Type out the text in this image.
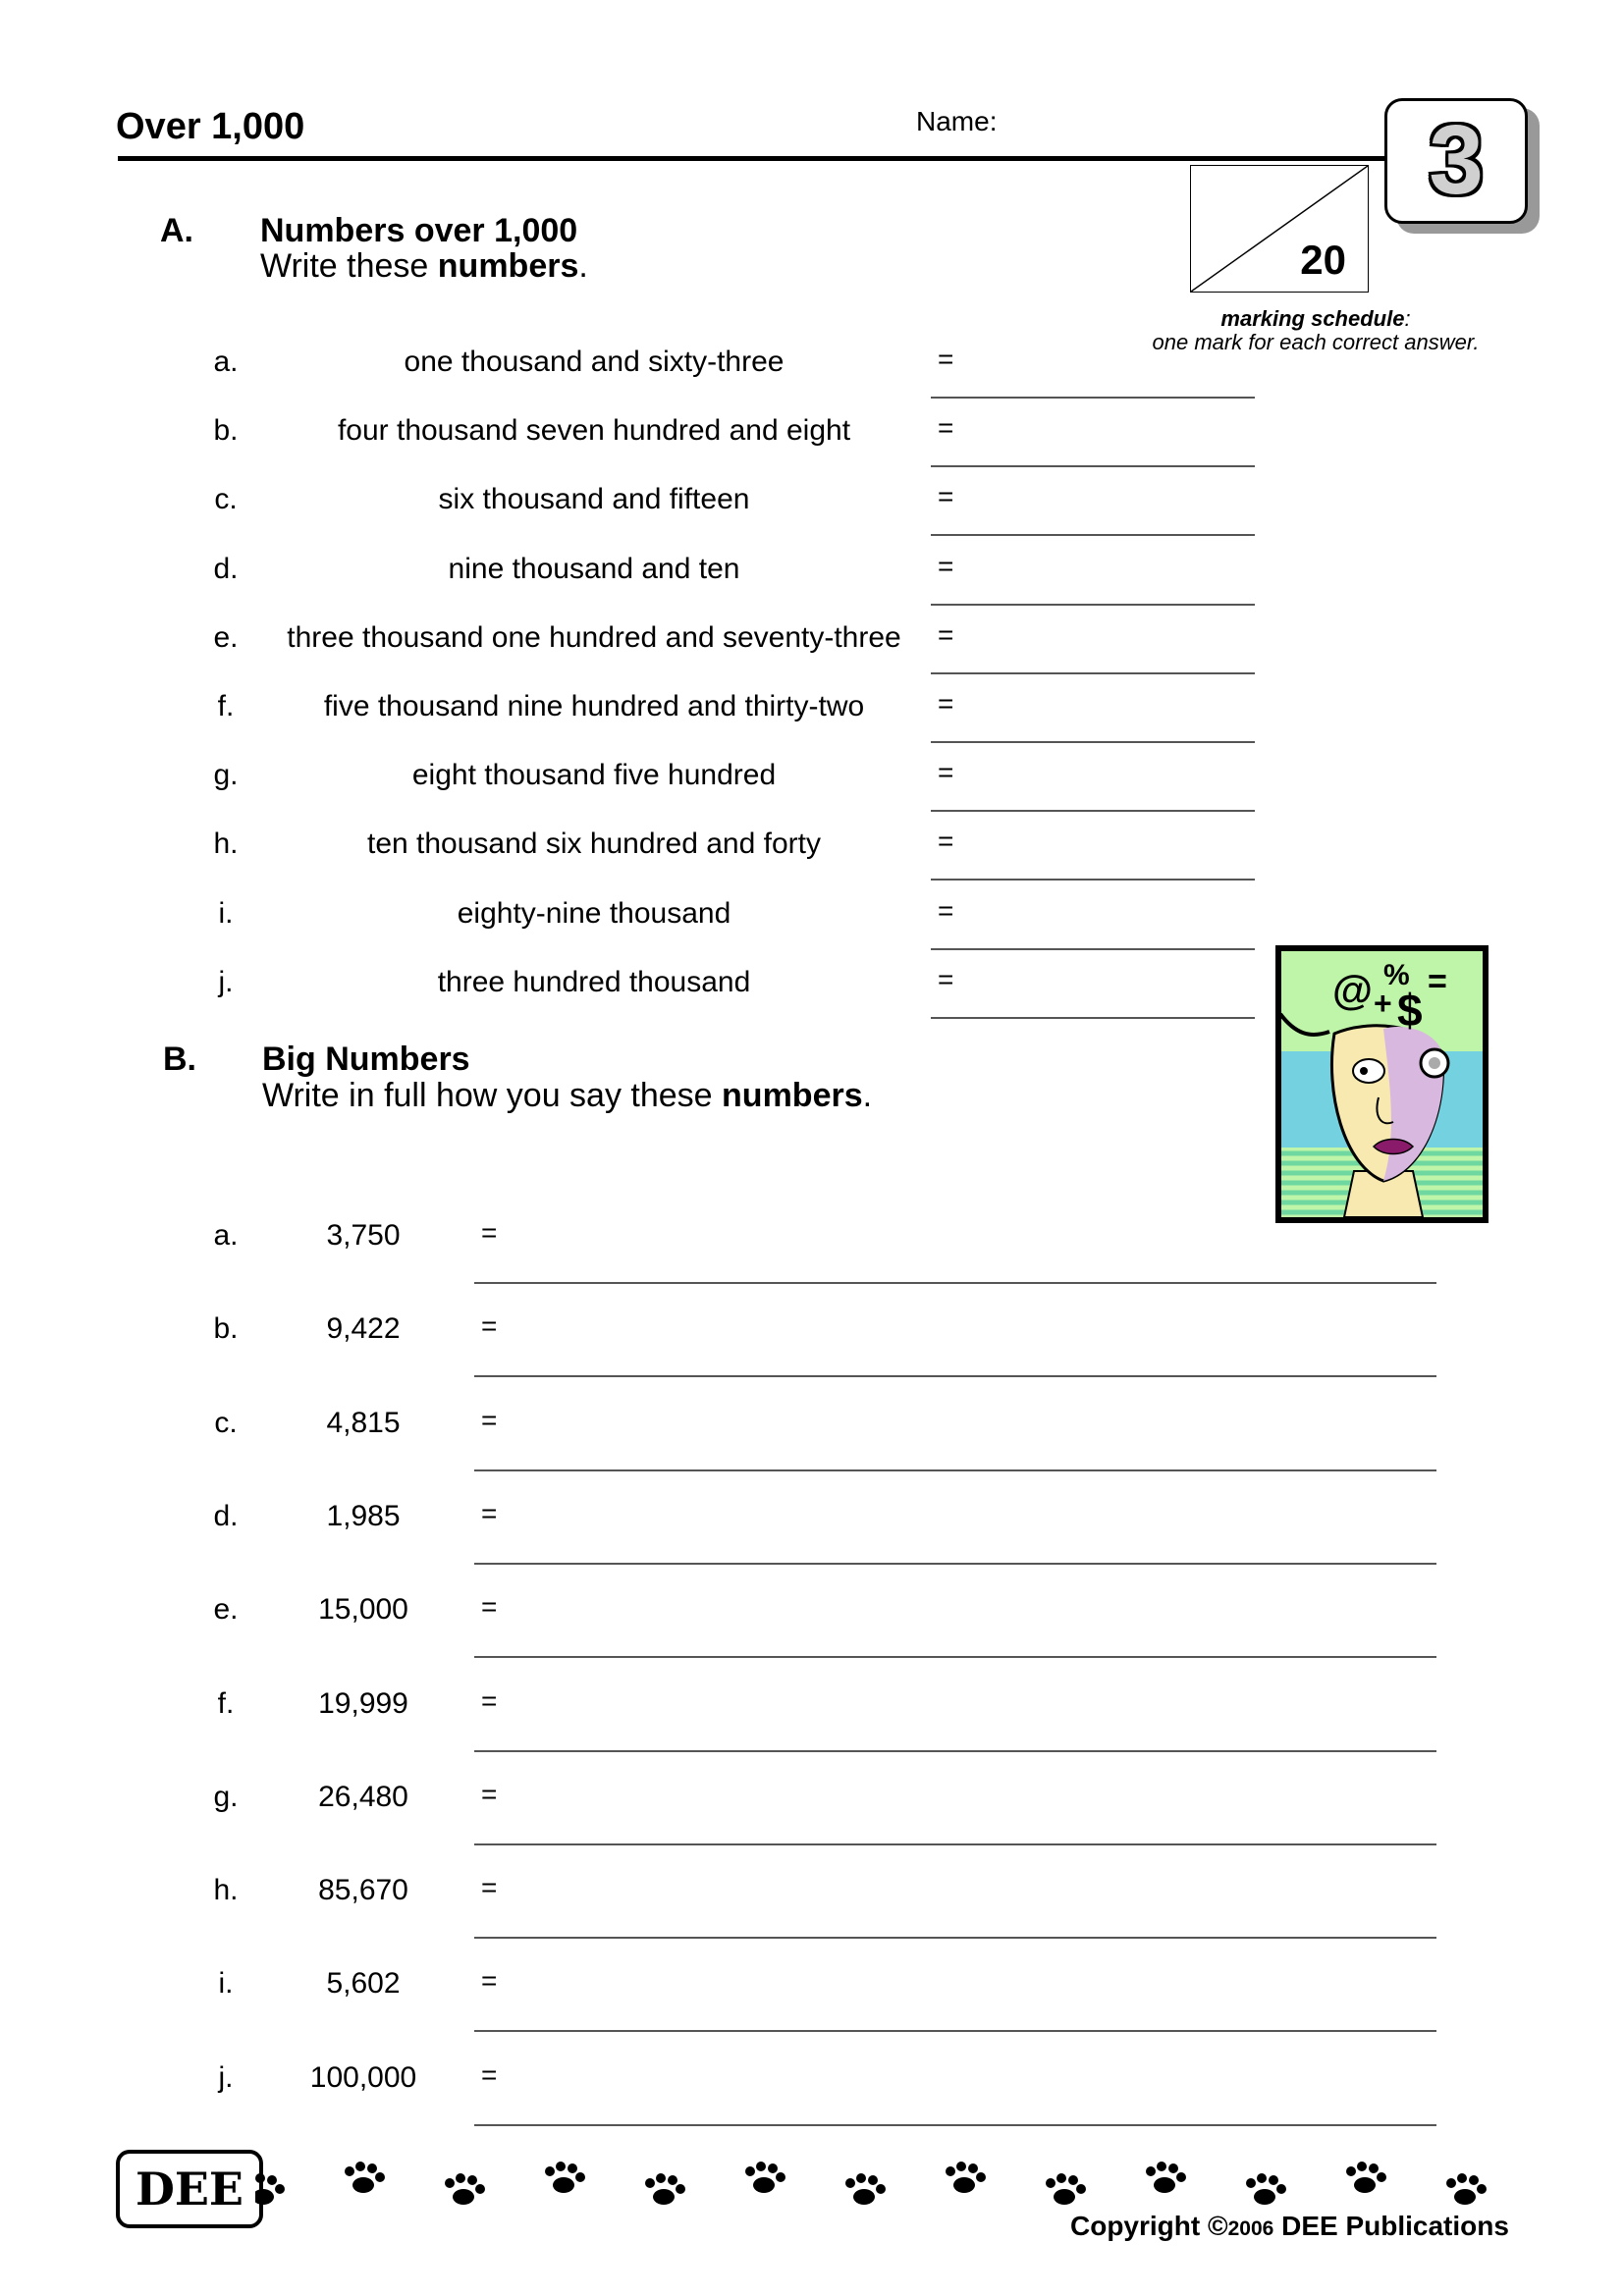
Over 1,000	Name:	3
20
marking schedule:
one mark for each correct answer.
A. Numbers over 1,000
Write these numbers.
a.	one thousand and sixty-three	=
b.	four thousand seven hundred and eight	=
c.	six thousand and fifteen	=
d.	nine thousand and ten	=
e.	three thousand one hundred and seventy-three	=
f.	five thousand nine hundred and thirty-two	=
g.	eight thousand five hundred	=
h.	ten thousand six hundred and forty	=
i.	eighty-nine thousand	=
j.	three hundred thousand	=
B. Big Numbers
Write in full how you say these numbers.
a.	3,750	=
b.	9,422	=
c.	4,815	=
d.	1,985	=
e.	15,000	=
f.	19,999	=
g.	26,480	=
h.	85,670	=
i.	5,602	=
j.	100,000	=
@ % =
+ $
DEE
Copyright ©2006 DEE Publications
